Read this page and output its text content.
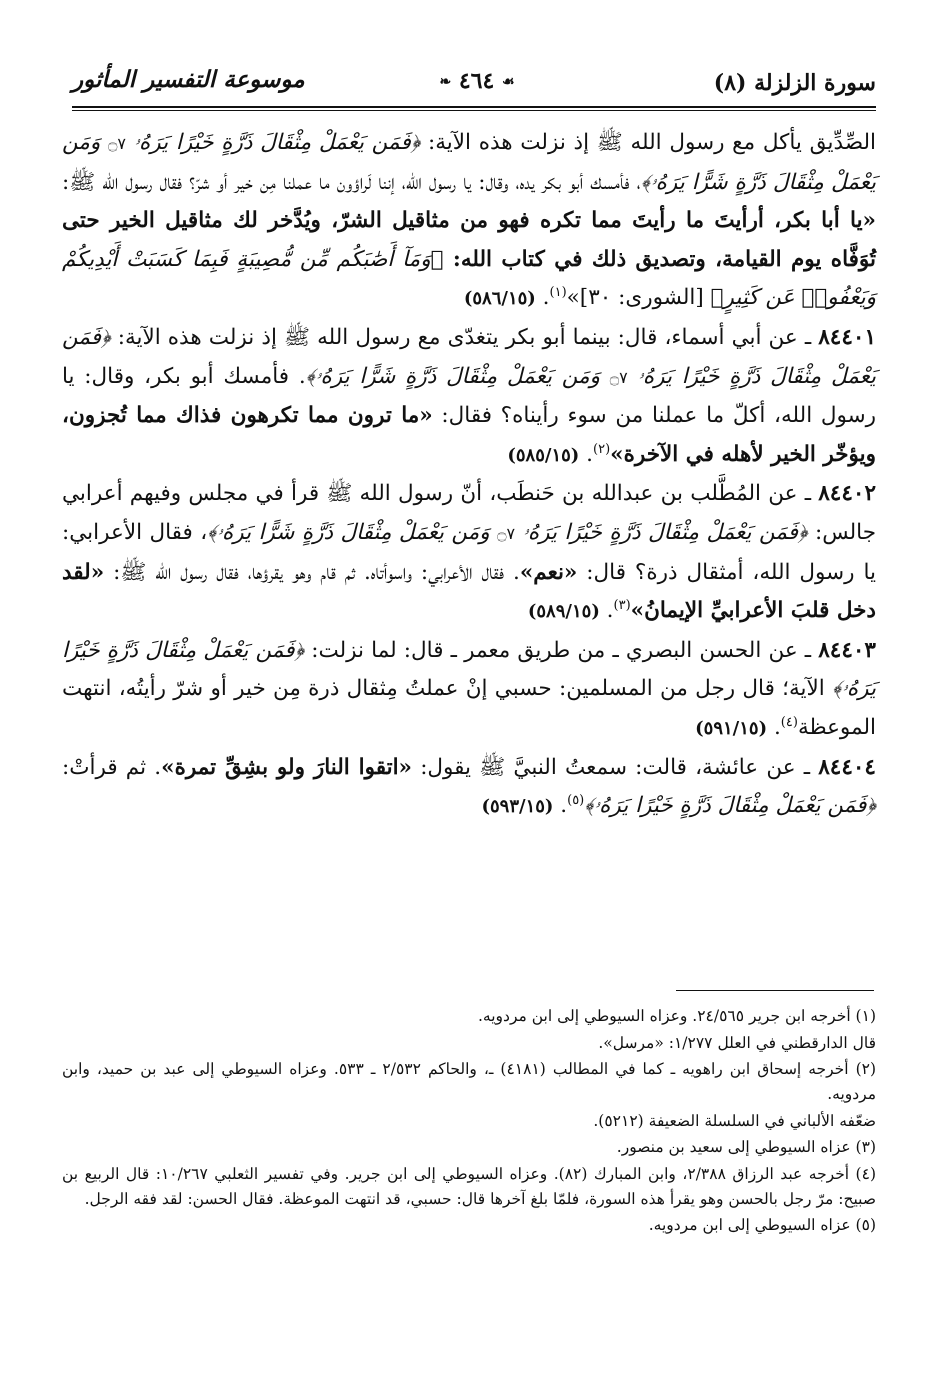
سورة الزلزلة (٨)
❧ ٤٦٤ ☙
موسوعة التفسير المأثور

الصِّدِّيق يأكل مع رسول الله ﷺ إذ نزلت هذه الآية: ﴿فَمَن يَعْمَلْ مِثْقَالَ ذَرَّةٍ خَيْرًا يَرَهُۥ ۝٧ وَمَن يَعْمَلْ مِثْقَالَ ذَرَّةٍ شَرًّا يَرَهُۥ﴾، فأمسك أبو بكر يده، وقال: يا رسول الله، إننا لَراؤون ما عملنا مِن خير أو شرّ؟ فقال رسول الله ﷺ: «يا أبا بكر، أرأيتَ ما رأيتَ مما تكره فهو من مثاقيل الشرّ، ويُدَّخر لك مثاقيل الخير حتى تُوَفَّاه يوم القيامة، وتصديق ذلك في كتاب الله: ﴿وَمَآ أَصَٰبَكُم مِّن مُّصِيبَةٍ فَبِمَا كَسَبَتْ أَيْدِيكُمْ وَيَعْفُوا۟ عَن كَثِيرٍ﴾ [الشورى: ٣٠]»$^{(١)}$. (٥٨٦/١٥)

٨٤٤٠١ ـ عن أبي أسماء، قال: بينما أبو بكر يتغدّى مع رسول الله ﷺ إذ نزلت هذه الآية: ﴿فَمَن يَعْمَلْ مِثْقَالَ ذَرَّةٍ خَيْرًا يَرَهُۥ ۝٧ وَمَن يَعْمَلْ مِثْقَالَ ذَرَّةٍ شَرًّا يَرَهُۥ﴾. فأمسك أبو بكر، وقال: يا رسول الله، أكلّ ما عملنا من سوء رأيناه؟ فقال: «ما ترون مما تكرهون فذاك مما تُجزون، ويؤخّر الخير لأهله في الآخرة»$^{(٢)}$. (٥٨٥/١٥)

٨٤٤٠٢ ـ عن المُطَّلب بن عبدالله بن حَنطَب، أنّ رسول الله ﷺ قرأ في مجلس وفيهم أعرابي جالس: ﴿فَمَن يَعْمَلْ مِثْقَالَ ذَرَّةٍ خَيْرًا يَرَهُۥ ۝٧ وَمَن يَعْمَلْ مِثْقَالَ ذَرَّةٍ شَرًّا يَرَهُۥ﴾، فقال الأعرابي: يا رسول الله، أمثقال ذرة؟ قال: «نعم». فقال الأعرابي: واسوأتاه. ثم قام وهو يقرؤها، فقال رسول الله ﷺ: «لقد دخل قلبَ الأعرابيِّ الإيمانُ»$^{(٣)}$. (٥٨٩/١٥)

٨٤٤٠٣ ـ عن الحسن البصري ـ من طريق معمر ـ قال: لما نزلت: ﴿فَمَن يَعْمَلْ مِثْقَالَ ذَرَّةٍ خَيْرًا يَرَهُۥ﴾ الآية؛ قال رجل من المسلمين: حسبي إنْ عملتُ مِثقال ذرة مِن خير أو شرّ رأيتُه، انتهت الموعظة$^{(٤)}$. (٥٩١/١٥)

٨٤٤٠٤ ـ عن عائشة، قالت: سمعتُ النبيَّ ﷺ يقول: «اتقوا النارَ ولو بشِقِّ تمرة». ثم قرأتْ: ﴿فَمَن يَعْمَلْ مِثْقَالَ ذَرَّةٍ خَيْرًا يَرَهُۥ﴾$^{(٥)}$. (٥٩٣/١٥)

(١) أخرجه ابن جرير ٢٤/٥٦٥. وعزاه السيوطي إلى ابن مردويه.

قال الدارقطني في العلل ١/٢٧٧: «مرسل».

(٢) أخرجه إسحاق ابن راهويه ـ كما في المطالب (٤١٨١) ـ، والحاكم ٢/٥٣٢ ـ ٥٣٣. وعزاه السيوطي إلى عبد بن حميد، وابن مردويه.

ضعّفه الألباني في السلسلة الضعيفة (٥٢١٢).

(٣) عزاه السيوطي إلى سعيد بن منصور.

(٤) أخرجه عبد الرزاق ٢/٣٨٨، وابن المبارك (٨٢). وعزاه السيوطي إلى ابن جرير. وفي تفسير الثعلبي ١٠/٢٦٧: قال الربيع بن صبيح: مرّ رجل بالحسن وهو يقرأ هذه السورة، فلمّا بلغ آخرها قال: حسبي، قد انتهت الموعظة. فقال الحسن: لقد فقه الرجل.

(٥) عزاه السيوطي إلى ابن مردويه.
